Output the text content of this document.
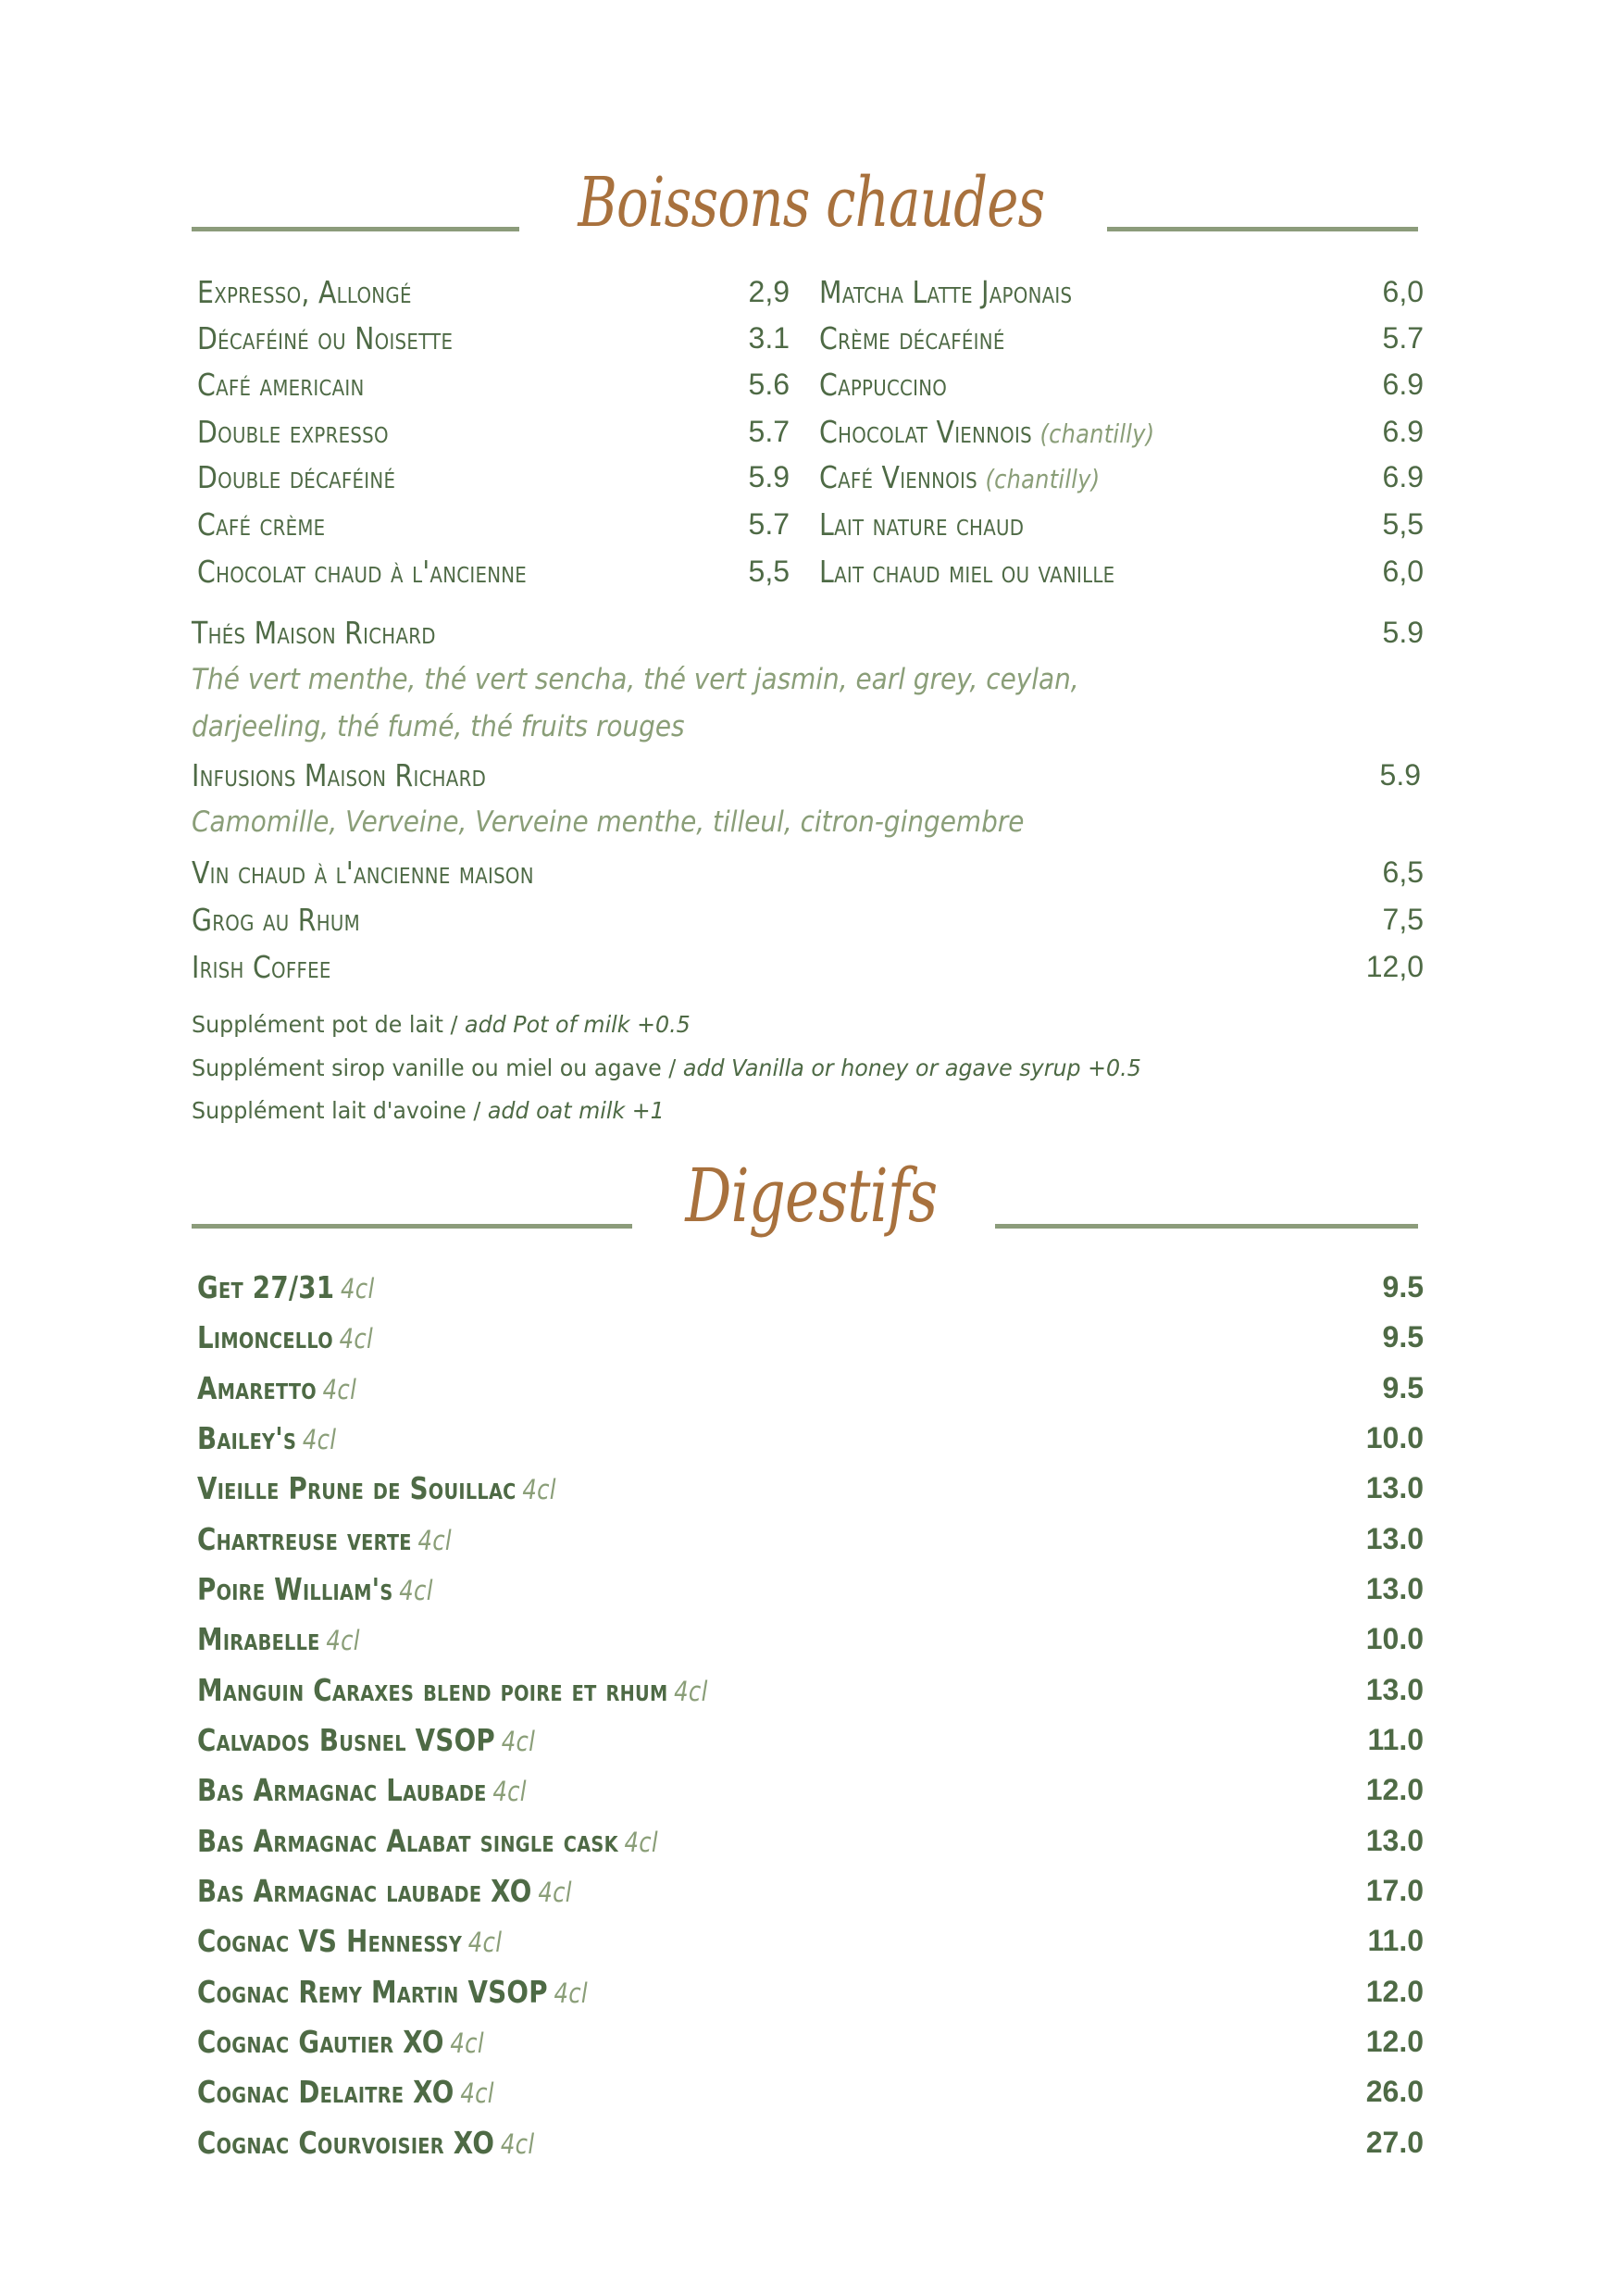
Boissons chaudes
Expresso, Allongé	2,9
Décaféiné ou Noisette	3.1
Café americain	5.6
Double expresso	5.7
Double décaféiné	5.9
Café crème	5.7
Chocolat chaud à l'ancienne	5,5
Matcha Latte Japonais	6,0
Crème décaféiné	5.7
Cappuccino	6.9
Chocolat Viennois (chantilly)	6.9
Café Viennois (chantilly)	6.9
Lait nature chaud	5,5
Lait chaud miel ou vanille	6,0
Thés Maison Richard	5.9
Thé vert menthe, thé vert sencha, thé vert jasmin, earl grey, ceylan,
darjeeling, thé fumé, thé fruits rouges
Infusions Maison Richard	5.9
Camomille, Verveine, Verveine menthe, tilleul, citron-gingembre
Vin chaud à l'ancienne maison	6,5
Grog au Rhum	7,5
Irish Coffee	12,0
Supplément pot de lait / add Pot of milk +0.5
Supplément sirop vanille ou miel ou agave / add Vanilla or honey or agave syrup +0.5
Supplément lait d'avoine / add oat milk +1
Digestifs
Get 27/31 4cl	9.5
Limoncello 4cl	9.5
Amaretto 4cl	9.5
Bailey's 4cl	10.0
Vieille Prune de Souillac 4cl	13.0
Chartreuse verte 4cl	13.0
Poire William's 4cl	13.0
Mirabelle 4cl	10.0
Manguin Caraxes blend poire et rhum 4cl	13.0
Calvados Busnel VSOP 4cl	11.0
Bas Armagnac Laubade 4cl	12.0
Bas Armagnac Alabat single cask 4cl	13.0
Bas Armagnac laubade XO 4cl	17.0
Cognac VS Hennessy 4cl	11.0
Cognac Remy Martin VSOP 4cl	12.0
Cognac Gautier XO 4cl	12.0
Cognac Delaitre XO 4cl	26.0
Cognac Courvoisier XO 4cl	27.0
